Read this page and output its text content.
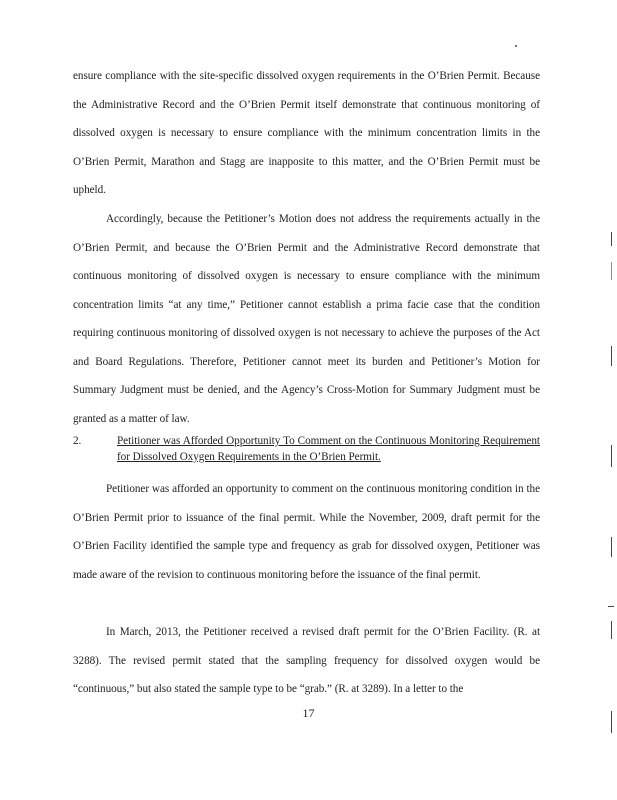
ensure compliance with the site-specific dissolved oxygen requirements in the O’Brien Permit. Because the Administrative Record and the O’Brien Permit itself demonstrate that continuous monitoring of dissolved oxygen is necessary to ensure compliance with the minimum concentration limits in the O’Brien Permit, Marathon and Stagg are inapposite to this matter, and the O’Brien Permit must be upheld.

Accordingly, because the Petitioner’s Motion does not address the requirements actually in the O’Brien Permit, and because the O’Brien Permit and the Administrative Record demonstrate that continuous monitoring of dissolved oxygen is necessary to ensure compliance with the minimum concentration limits “at any time,” Petitioner cannot establish a prima facie case that the condition requiring continuous monitoring of dissolved oxygen is not necessary to achieve the purposes of the Act and Board Regulations. Therefore, Petitioner cannot meet its burden and Petitioner’s Motion for Summary Judgment must be denied, and the Agency’s Cross-Motion for Summary Judgment must be granted as a matter of law.

2.	Petitioner was Afforded Opportunity To Comment on the Continuous Monitoring Requirement for Dissolved Oxygen Requirements in the O’Brien Permit.

Petitioner was afforded an opportunity to comment on the continuous monitoring condition in the O’Brien Permit prior to issuance of the final permit. While the November, 2009, draft permit for the O’Brien Facility identified the sample type and frequency as grab for dissolved oxygen, Petitioner was made aware of the revision to continuous monitoring before the issuance of the final permit.

In March, 2013, the Petitioner received a revised draft permit for the O’Brien Facility. (R. at 3288). The revised permit stated that the sampling frequency for dissolved oxygen would be “continuous,” but also stated the sample type to be “grab.” (R. at 3289). In a letter to the

17
